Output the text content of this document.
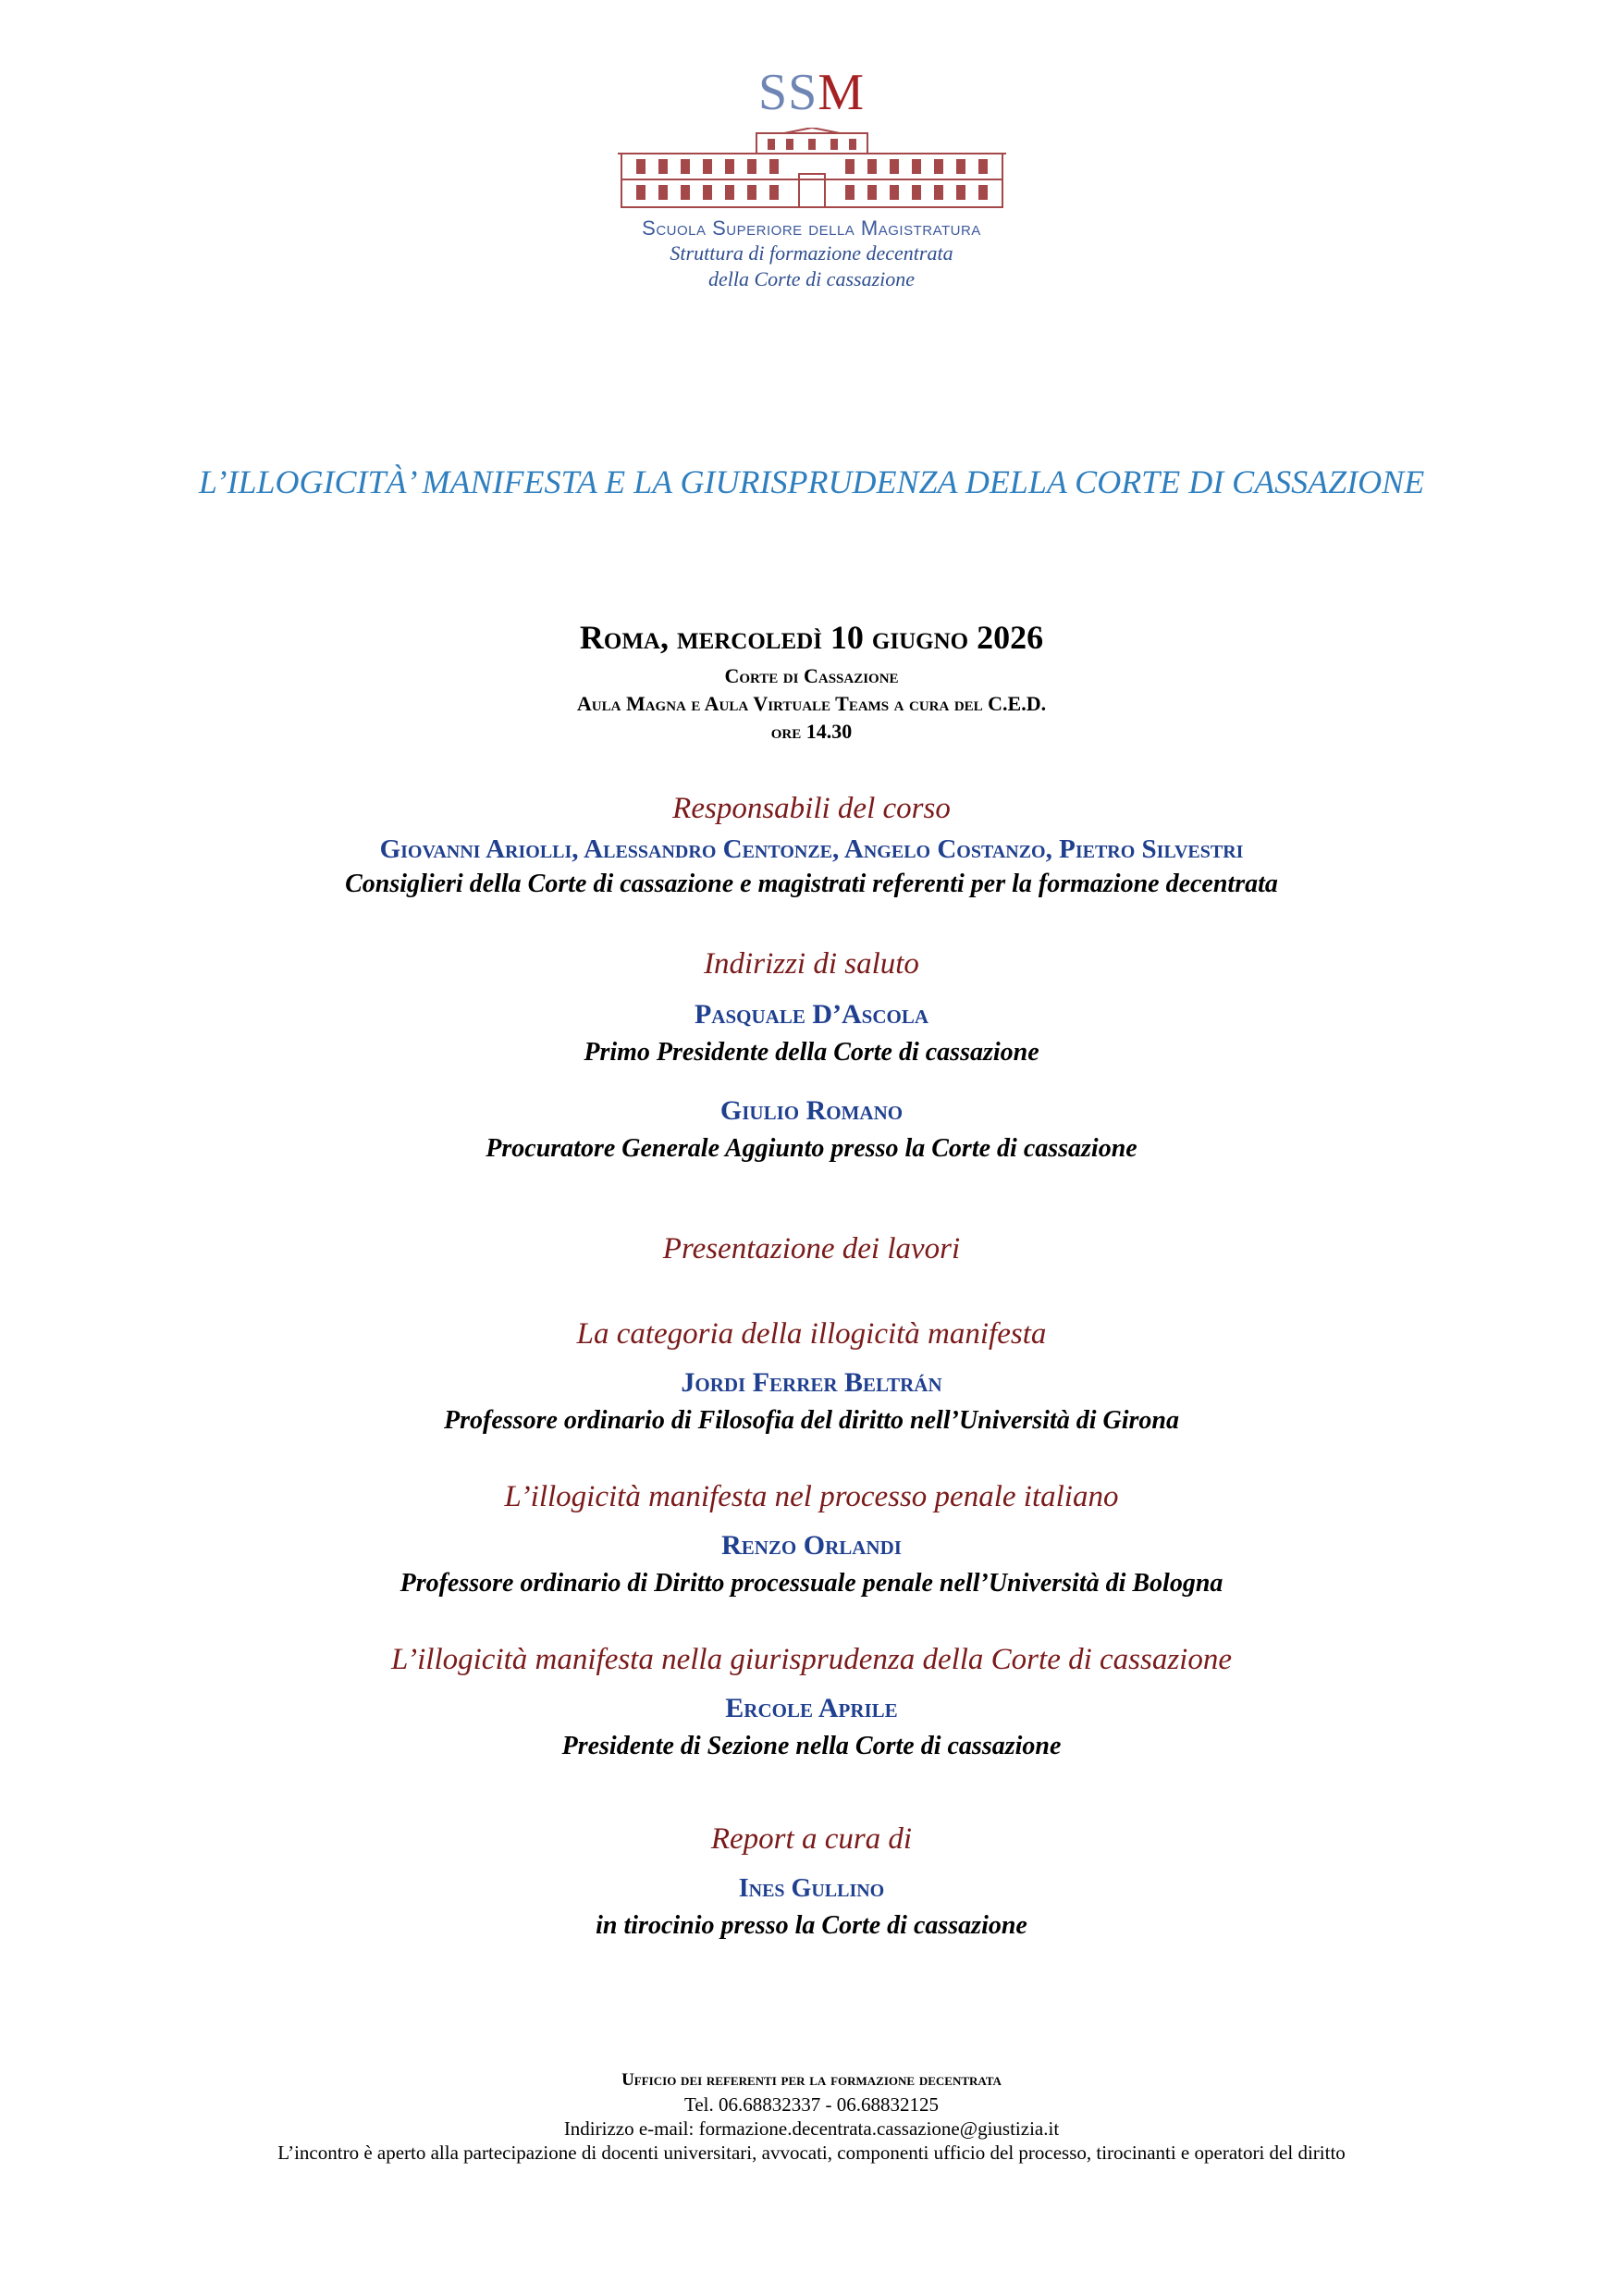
SSM
Scuola Superiore della Magistratura
Struttura di formazione decentrata
della Corte di cassazione
L’ILLOGICITÀ’ MANIFESTA E LA GIURISPRUDENZA DELLA CORTE DI CASSAZIONE
Roma, mercoledì 10 giugno 2026
Corte di Cassazione
Aula Magna e Aula Virtuale Teams a cura del C.E.D.
ore 14.30
Responsabili del corso
Giovanni Ariolli, Alessandro Centonze, Angelo Costanzo, Pietro Silvestri
Consiglieri della Corte di cassazione e magistrati referenti per la formazione decentrata
Indirizzi di saluto
Pasquale D’Ascola
Primo Presidente della Corte di cassazione
Giulio Romano
Procuratore Generale Aggiunto presso la Corte di cassazione
Presentazione dei lavori
La categoria della illogicità manifesta
Jordi Ferrer Beltrán
Professore ordinario di Filosofia del diritto nell’Università di Girona
L’illogicità manifesta nel processo penale italiano
Renzo Orlandi
Professore ordinario di Diritto processuale penale nell’Università di Bologna
L’illogicità manifesta nella giurisprudenza della Corte di cassazione
Ercole Aprile
Presidente di Sezione nella Corte di cassazione
Report a cura di
Ines Gullino
in tirocinio presso la Corte di cassazione
Ufficio dei referenti per la formazione decentrata
Tel. 06.68832337 - 06.68832125
Indirizzo e-mail: formazione.decentrata.cassazione@giustizia.it
L’incontro è aperto alla partecipazione di docenti universitari, avvocati, componenti ufficio del processo, tirocinanti e operatori del diritto
